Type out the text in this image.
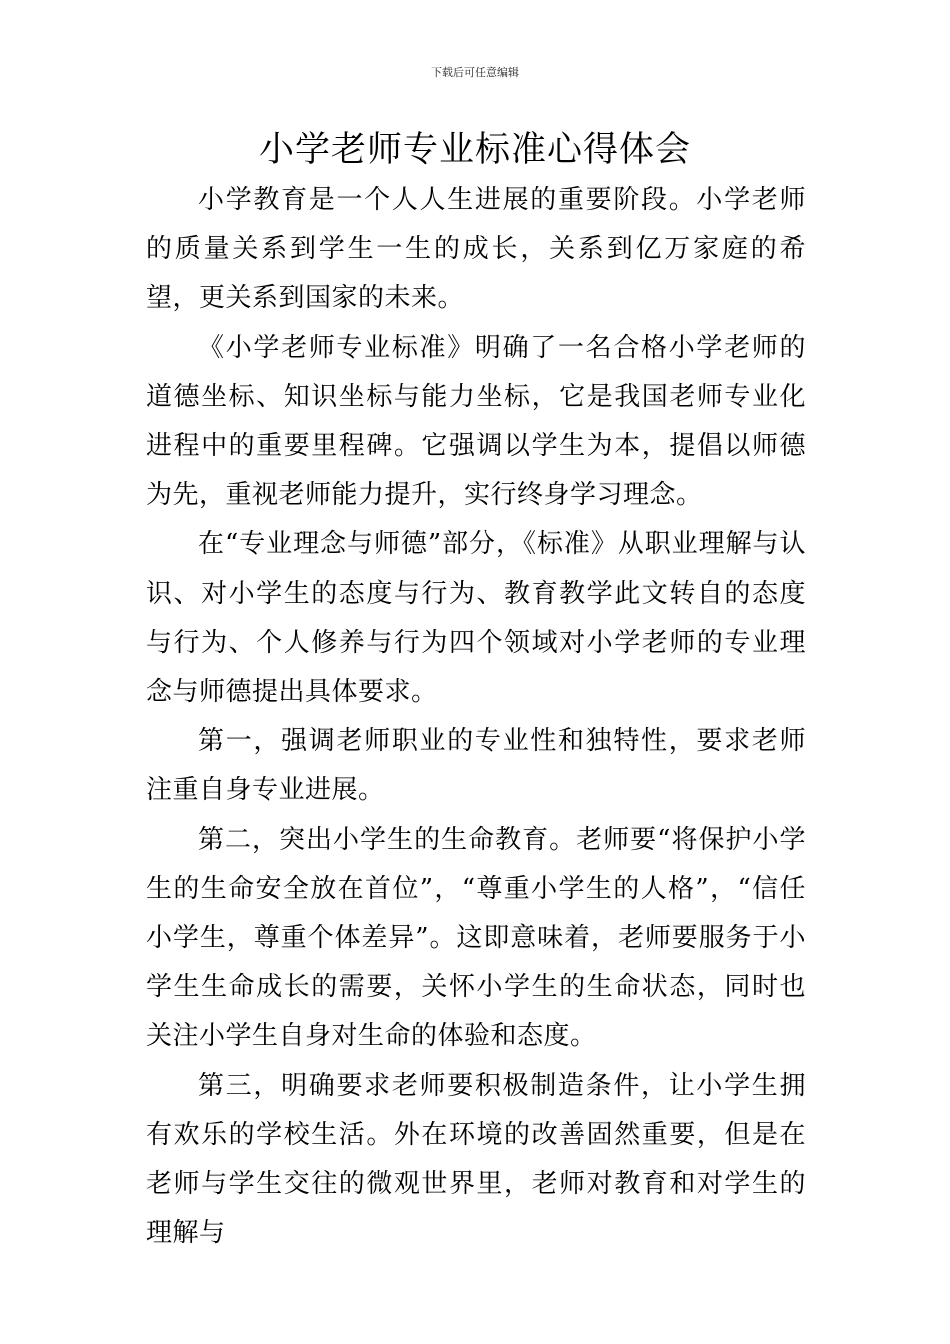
下载后可任意编辑
小学老师专业标准心得体会

小学教育是一个人人生进展的重要阶段。小学老师的质量关系到学生一生的成长，关系到亿万家庭的希望，更关系到国家的未来。

《小学老师专业标准》明确了一名合格小学老师的道德坐标、知识坐标与能力坐标，它是我国老师专业化进程中的重要里程碑。它强调以学生为本，提倡以师德为先，重视老师能力提升，实行终身学习理念。

在“专业理念与师德”部分，《标准》从职业理解与认识、对小学生的态度与行为、教育教学此文转自的态度与行为、个人修养与行为四个领域对小学老师的专业理念与师德提出具体要求。

第一，强调老师职业的专业性和独特性，要求老师注重自身专业进展。

第二，突出小学生的生命教育。老师要“将保护小学生的生命安全放在首位”，“尊重小学生的人格”，“信任小学生，尊重个体差异”。这即意味着，老师要服务于小学生生命成长的需要，关怀小学生的生命状态，同时也关注小学生自身对生命的体验和态度。

第三，明确要求老师要积极制造条件，让小学生拥有欢乐的学校生活。外在环境的改善固然重要，但是在老师与学生交往的微观世界里，老师对教育和对学生的理解与
